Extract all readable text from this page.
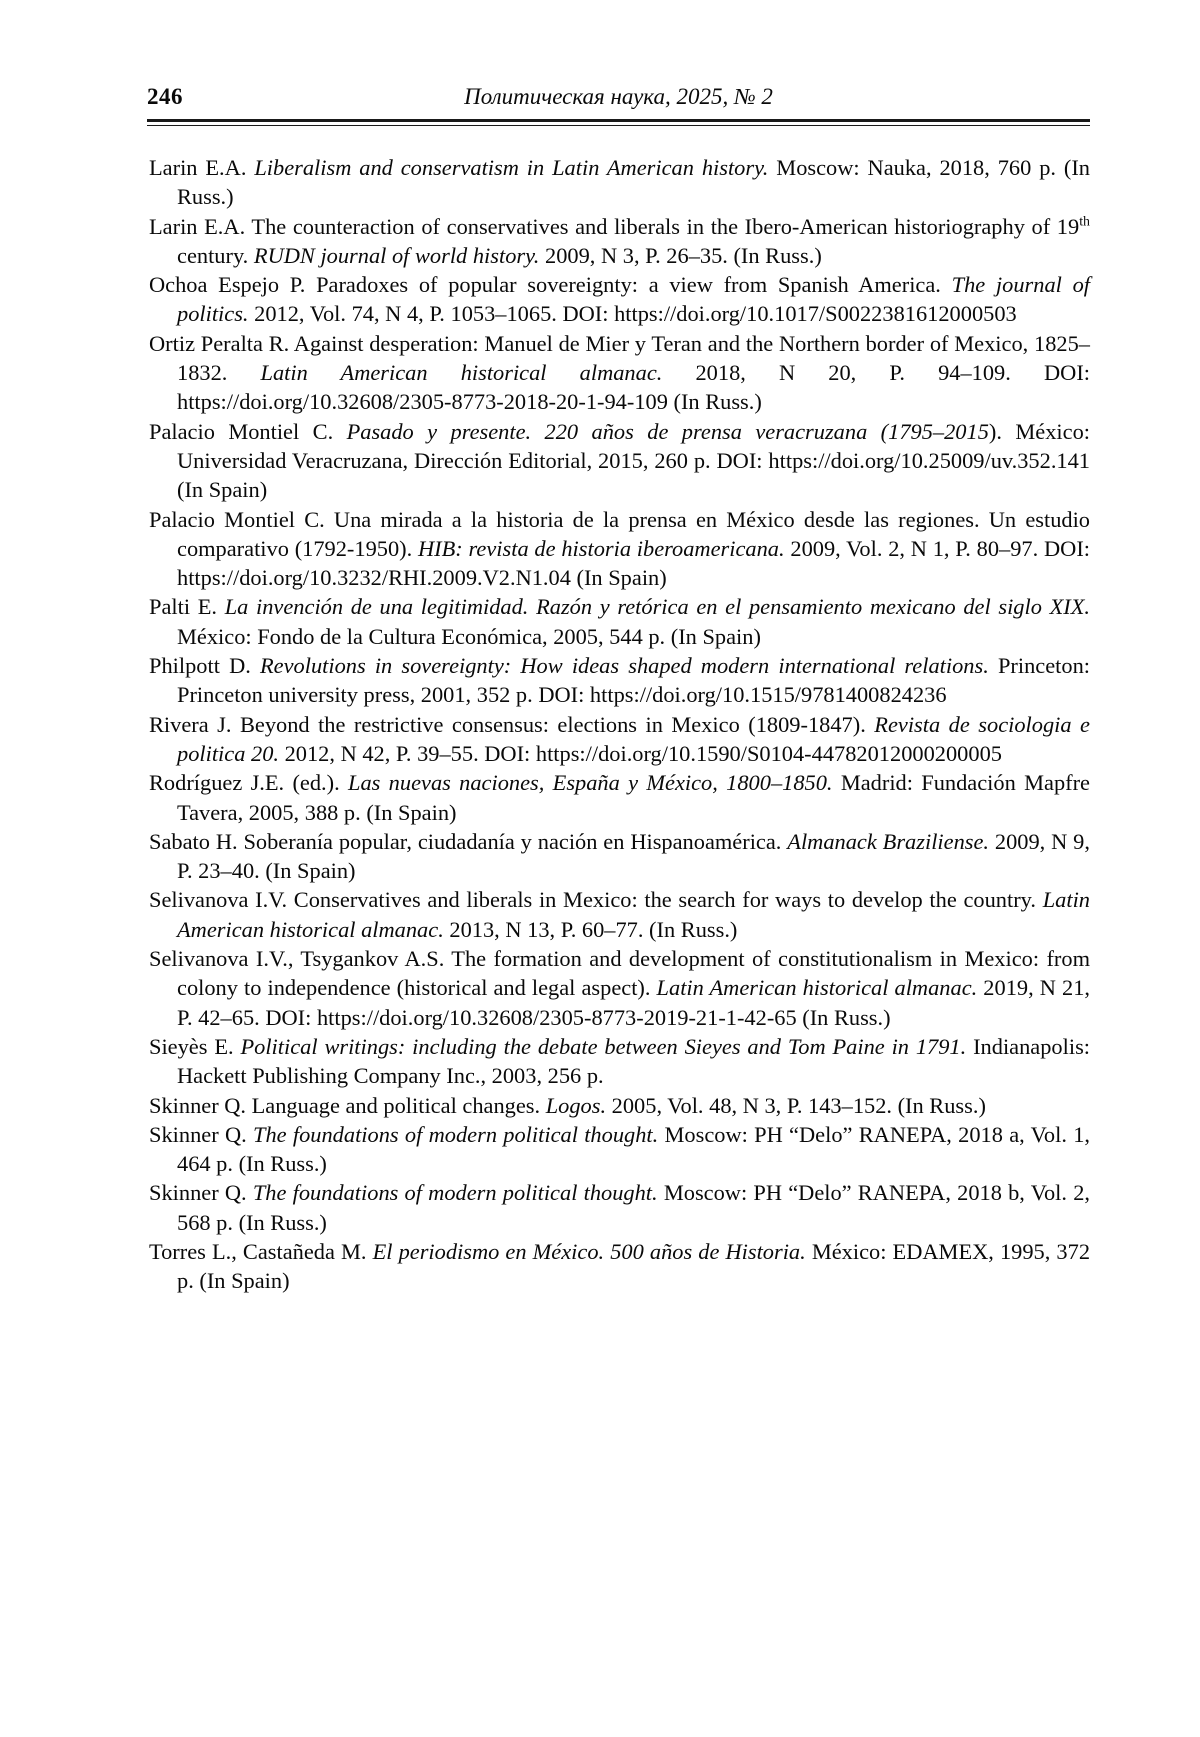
246	Политическая наука, 2025, № 2

Larin E.A. Liberalism and conservatism in Latin American history. Moscow: Nauka, 2018, 760 p. (In Russ.)

Larin E.A. The counteraction of conservatives and liberals in the Ibero-American historiography of 19th century. RUDN journal of world history. 2009, N 3, P. 26–35. (In Russ.)

Ochoa Espejo P. Paradoxes of popular sovereignty: a view from Spanish America. The journal of politics. 2012, Vol. 74, N 4, P. 1053–1065. DOI: https://doi.org/10.1017/S0022381612000503

Ortiz Peralta R. Against desperation: Manuel de Mier y Teran and the Northern border of Mexico, 1825–1832. Latin American historical almanac. 2018, N 20, P. 94–109. DOI: https://doi.org/10.32608/2305-8773-2018-20-1-94-109 (In Russ.)

Palacio Montiel C. Pasado y presente. 220 años de prensa veracruzana (1795–2015). México: Universidad Veracruzana, Dirección Editorial, 2015, 260 p. DOI: https://doi.org/10.25009/uv.352.141 (In Spain)

Palacio Montiel C. Una mirada a la historia de la prensa en México desde las regiones. Un estudio comparativo (1792-1950). HIB: revista de historia iberoamericana. 2009, Vol. 2, N 1, P. 80–97. DOI: https://doi.org/10.3232/RHI.2009.V2.N1.04 (In Spain)

Palti E. La invención de una legitimidad. Razón y retórica en el pensamiento mexicano del siglo XIX. México: Fondo de la Cultura Económica, 2005, 544 p. (In Spain)

Philpott D. Revolutions in sovereignty: How ideas shaped modern international relations. Princeton: Princeton university press, 2001, 352 p. DOI: https://doi.org/10.1515/9781400824236

Rivera J. Beyond the restrictive consensus: elections in Mexico (1809-1847). Revista de sociologia e politica 20. 2012, N 42, P. 39–55. DOI: https://doi.org/10.1590/S0104-44782012000200005

Rodríguez J.E. (ed.). Las nuevas naciones, España y México, 1800–1850. Madrid: Fundación Mapfre Tavera, 2005, 388 p. (In Spain)

Sabato H. Soberanía popular, ciudadanía y nación en Hispanoamérica. Almanack Braziliense. 2009, N 9, P. 23–40. (In Spain)

Selivanova I.V. Conservatives and liberals in Mexico: the search for ways to develop the country. Latin American historical almanac. 2013, N 13, P. 60–77. (In Russ.)

Selivanova I.V., Tsygankov A.S. The formation and development of constitutionalism in Mexico: from colony to independence (historical and legal aspect). Latin American historical almanac. 2019, N 21, P. 42–65. DOI: https://doi.org/10.32608/2305-8773-2019-21-1-42-65 (In Russ.)

Sieyès E. Political writings: including the debate between Sieyes and Tom Paine in 1791. Indianapolis: Hackett Publishing Company Inc., 2003, 256 p.

Skinner Q. Language and political changes. Logos. 2005, Vol. 48, N 3, P. 143–152. (In Russ.)

Skinner Q. The foundations of modern political thought. Moscow: PH “Delo” RANEPA, 2018 a, Vol. 1, 464 p. (In Russ.)

Skinner Q. The foundations of modern political thought. Moscow: PH “Delo” RANEPA, 2018 b, Vol. 2, 568 p. (In Russ.)

Torres L., Castañeda M. El periodismo en México. 500 años de Historia. México: EDAMEX, 1995, 372 p. (In Spain)
